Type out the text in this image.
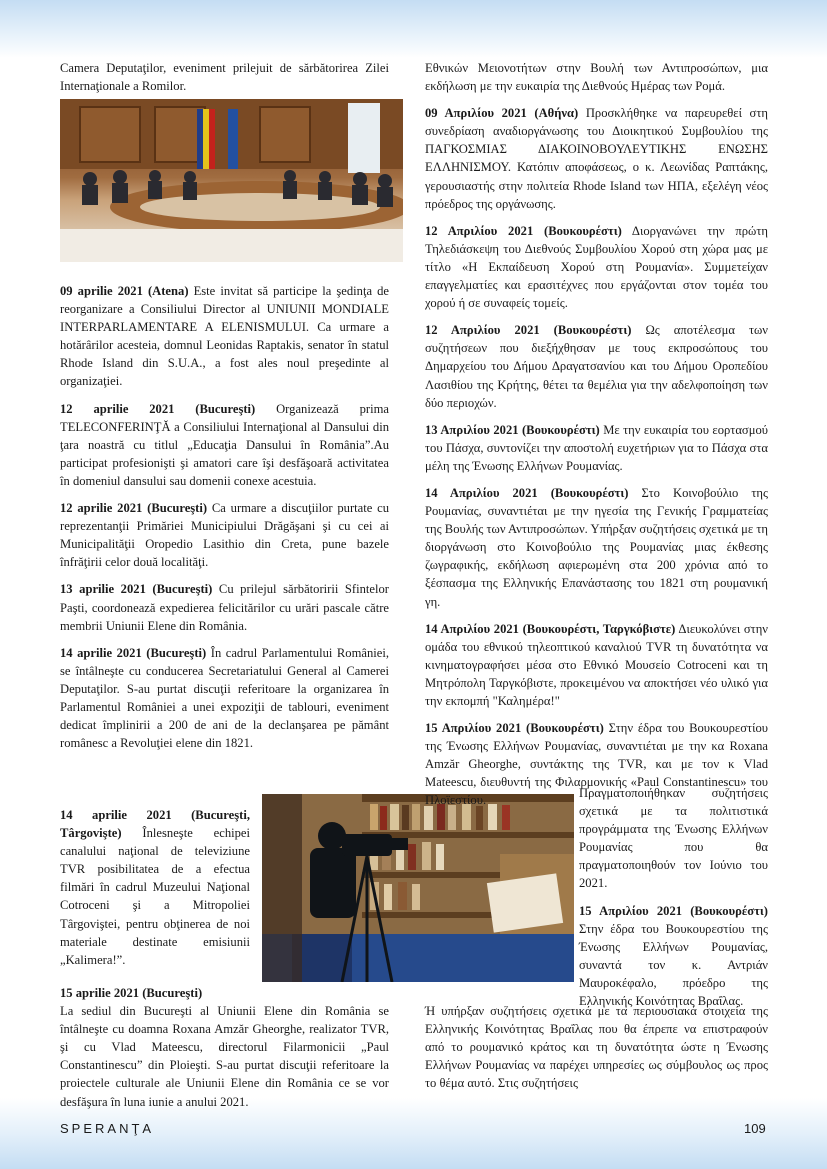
Camera Deputaţilor, eveniment prilejuit de sărbătorirea Zilei Internaţionale a Romilor.

09 aprilie 2021 (Atena) Este invitat să participe la şedinţa de reorganizare a Consiliului Director al UNIUNII MONDIALE INTERPARLAMENTARE A ELENISMULUI. Ca urmare a hotărârilor acesteia, domnul Leonidas Raptakis, senator în statul Rhode Island din S.U.A., a fost ales noul preşedinte al organizaţiei.

12 aprilie 2021 (Bucureşti) Organizează prima TELECONFERINŢĂ a Consiliului Internaţional al Dansului din ţara noastră cu titlul „Educaţia Dansului în România”.Au participat profesionişti şi amatori care îşi desfăşoară activitatea în domeniul dansului sau domenii conexe acestuia.

12 aprilie 2021 (Bucureşti) Ca urmare a discuţiilor purtate cu reprezentanţii Primăriei Municipiului Drăgăşani şi cu cei ai Municipalităţii Oropedio Lasithio din Creta, pune bazele înfrăţirii celor două localităţi.

13 aprilie 2021 (Bucureşti) Cu prilejul sărbătoririi Sfintelor Paşti, coordonează expedierea felicitărilor cu urări pascale către membrii Uniunii Elene din România.

14 aprilie 2021 (Bucureşti) În cadrul Parlamentului României, se întâlneşte cu conducerea Secretariatului General al Camerei Deputaţilor. S-au purtat discuţii referitoare la organizarea în Parlamentul României a unei expoziţii de tablouri, eveniment dedicat împlinirii a 200 de ani de la declanşarea pe pământ românesc a Revoluţiei elene din 1821.

14 aprilie 2021 (Bucureşti, Târgovişte) Înlesneşte echipei canalului naţional de televiziune TVR posibilitatea de a efectua filmări în cadrul Muzeului Naţional Cotroceni şi a Mitropoliei Târgoviştei, pentru obţinerea de noi materiale destinate emisiunii „Kalimera!”.

15 aprilie 2021 (Bucureşti)
La sediul din Bucureşti al Uniunii Elene din România se întâlneşte cu doamna Roxana Amzăr Gheorghe, realizator TVR, şi cu Vlad Mateescu, directorul Filarmonicii „Paul Constantinescu” din Ploieşti. S-au purtat discuţii referitoare la proiectele culturale ale Uniunii Elene din România ce se vor desfăşura în luna iunie a anului 2021.

Εθνικών Μειονοτήτων στην Βουλή των Αντιπροσώπων, μια εκδήλωση με την ευκαιρία της Διεθνούς Ημέρας των Ρομά.

09 Απριλίου 2021 (Αθήνα) Προσκλήθηκε να παρευρεθεί στη συνεδρίαση αναδιοργάνωσης του Διοικητικού Συμβουλίου της ΠΑΓΚΟΣΜΙΑΣ ΔΙΑΚΟΙΝΟΒΟΥΛΕΥΤΙΚΗΣ ΕΝΩΣΗΣ ΕΛΛΗΝΙΣΜΟΥ. Κατόπιν αποφάσεως, ο κ. Λεωνίδας Ραπτάκης, γερουσιαστής στην πολιτεία Rhode Island των ΗΠΑ, εξελέγη νέος πρόεδρος της οργάνωσης.

12 Απριλίου 2021 (Βουκουρέστι) Διοργανώνει την πρώτη Τηλεδιάσκεψη του Διεθνούς Συμβουλίου Χορού στη χώρα μας με τίτλο «Η Εκπαίδευση Χορού στη Ρουμανία». Συμμετείχαν επαγγελματίες και ερασιτέχνες που εργάζονται στον τομέα του χορού ή σε συναφείς τομείς.

12 Απριλίου 2021 (Βουκουρέστι) Ως αποτέλεσμα των συζητήσεων που διεξήχθησαν με τους εκπροσώπους του Δημαρχείου του Δήμου Δραγατσανίου και του Δήμου Οροπεδίου Λασιθίου της Κρήτης, θέτει τα θεμέλια για την αδελφοποίηση των δύο περιοχών.

13 Απριλίου 2021 (Βουκουρέστι) Με την ευκαιρία του εορτασμού του Πάσχα, συντονίζει την αποστολή ευχετήριων για το Πάσχα στα μέλη της Ένωσης Ελλήνων Ρουμανίας.

14 Απριλίου 2021 (Βουκουρέστι) Στο Κοινοβούλιο της Ρουμανίας, συναντιέται με την ηγεσία της Γενικής Γραμματείας της Βουλής των Αντιπροσώπων. Υπήρξαν συζητήσεις σχετικά με τη διοργάνωση στο Κοινοβούλιο της Ρουμανίας μιας έκθεσης ζωγραφικής, εκδήλωση αφιερωμένη στα 200 χρόνια από το ξέσπασμα της Ελληνικής Επανάστασης του 1821 στη ρουμανική γη.

14 Απριλίου 2021 (Βουκουρέστι, Ταργκόβιστε) Διευκολύνει στην ομάδα του εθνικού τηλεοπτικού καναλιού TVR τη δυνατότητα να κινηματογραφήσει μέσα στο Εθνικό Μουσείο Cotroceni και τη Μητρόπολη Ταργκόβιστε, προκειμένου να αποκτήσει νέο υλικό για την εκπομπή "Καλημέρα!"

15 Απριλίου 2021 (Βουκουρέστι) Στην έδρα του Βουκουρεστίου της Ένωσης Ελλήνων Ρουμανίας, συναντιέται με την κα Roxana Amzăr Gheorghe, συντάκτης της TVR, και με τον κ Vlad Mateescu, διευθυντή της Φιλαρμονικής «Paul Constantinescu» του Πλοϊεστίου.

Πραγματοποιήθηκαν συζητήσεις σχετικά με τα πολιτιστικά προγράμματα της Ένωσης Ελλήνων Ρουμανίας που θα πραγματοποιηθούν τον Ιούνιο του 2021.

15 Απριλίου 2021 (Βουκουρέστι) Στην έδρα του Βουκουρεστίου της Ένωσης Ελλήνων Ρουμανίας, συναντά τον κ. Αντριάν Μαυροκέφαλο, πρόεδρο της Ελληνικής Κοινότητας Βραΐλας.

Ή υπήρξαν συζητήσεις σχετικά με τα περιουσιακά στοιχεία της Ελληνικής Κοινότητας Βραΐλας που θα έπρεπε να επιστραφούν από το ρουμανικό κράτος και τη δυνατότητα ώστε η Ένωσης Ελλήνων Ρουμανίας να παρέχει υπηρεσίες ως σύμβουλος ως προς το θέμα αυτό. Στις συζητήσεις

SPERANŢA	109
